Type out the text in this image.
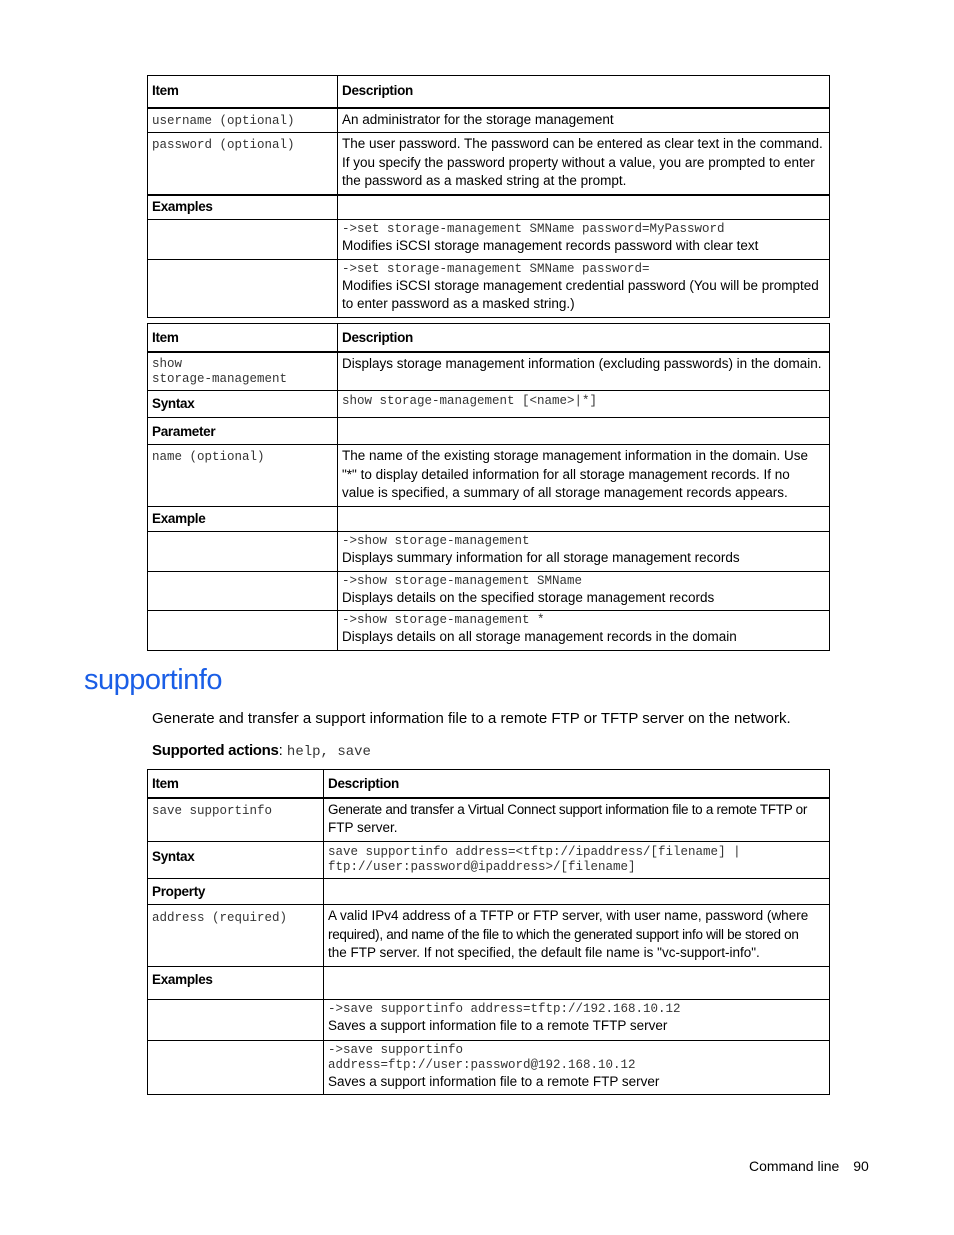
Item	Description
username (optional)	An administrator for the storage management

password (optional)	The user password. The password can be entered as clear text in the command.
If you specify the password property without a value, you are prompted to enter
the password as a masked string at the prompt.

Examples	

	->set storage-management SMName password=MyPassword
Modifies iSCSI storage management records password with clear text

	->set storage-management SMName password=
Modifies iSCSI storage management credential password (You will be prompted
to enter password as a masked string.)
Item	Description

show
storage-management	Displays storage management information (excluding passwords) in the domain.
Syntax	show storage-management [<name>|*]
Parameter	
name (optional)	The name of the existing storage management information in the domain. Use
"*" to display detailed information for all storage management records. If no
value is specified, a summary of all storage management records appears.

Example	

	->show storage-management
Displays summary information for all storage management records

	->show storage-management SMName
Displays details on the specified storage management records

	->show storage-management *
Displays details on all storage management records in the domain
supportinfo

Generate and transfer a support information file to a remote FTP or TFTP server on the network.

Supported actions: help, save

Item	Description
save supportinfo	Generate and transfer a Virtual Connect support information file to a remote TFTP or
FTP server.

Syntax	save supportinfo address=<tftp://ipaddress/[filename] |
ftp://user:password@ipaddress>/[filename]

Property	
address (required)	A valid IPv4 address of a TFTP or FTP server, with user name, password (where
required), and name of the file to which the generated support info will be stored on
the FTP server. If not specified, the default file name is "vc-support-info".

Examples	

	->save supportinfo address=tftp://192.168.10.12
Saves a support information file to a remote TFTP server

	->save supportinfo
address=ftp://user:password@192.168.10.12
Saves a support information file to a remote FTP server
Command line 90
